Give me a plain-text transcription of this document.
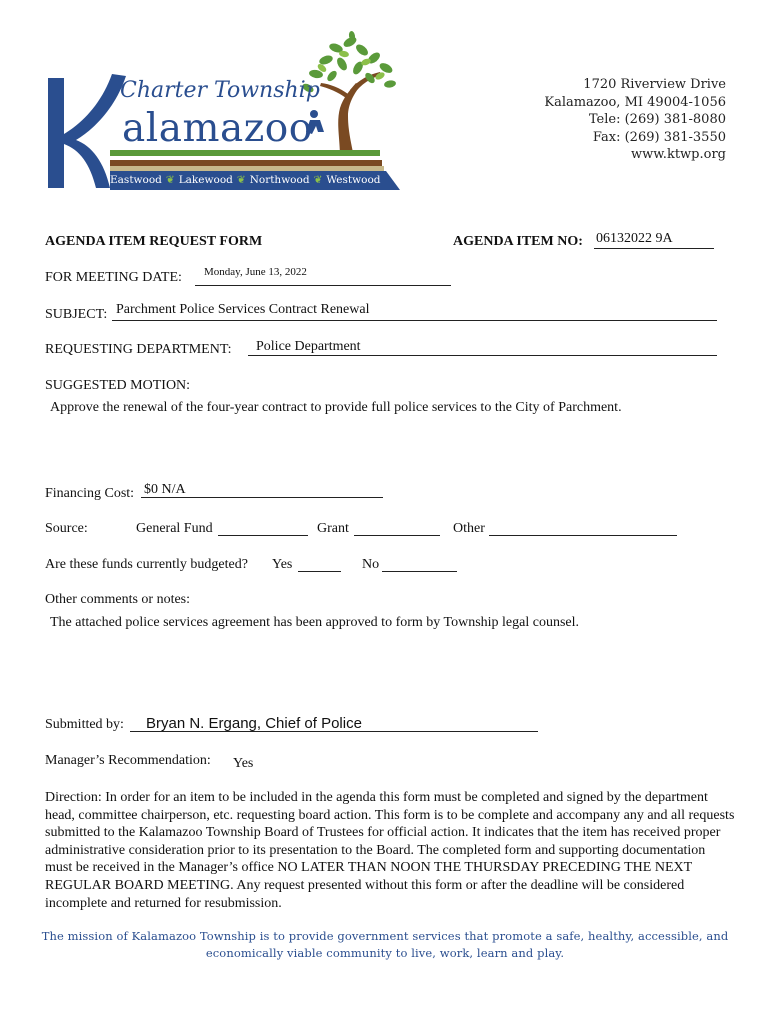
Charter Township
alamazoo
Eastwood ❦ Lakewood ❦ Northwood ❦ Westwood
1720 Riverview Drive
Kalamazoo, MI 49004-1056
Tele: (269) 381-8080
Fax: (269) 381-3550
www.ktwp.org
AGENDA ITEM REQUEST FORM	AGENDA ITEM NO: 06132022 9A
FOR MEETING DATE: Monday, June 13, 2022
SUBJECT: Parchment Police Services Contract Renewal
REQUESTING DEPARTMENT: Police Department
SUGGESTED MOTION:
Approve the renewal of the four-year contract to provide full police services to the City of Parchment.
Financing Cost: $0 N/A
Source:	General Fund	Grant	Other
Are these funds currently budgeted? Yes	No
Other comments or notes:
The attached police services agreement has been approved to form by Township legal counsel.
Submitted by: Bryan N. Ergang, Chief of Police
Manager’s Recommendation: Yes
Direction: In order for an item to be included in the agenda this form must be completed and signed by the department head, committee chairperson, etc. requesting board action. This form is to be complete and accompany any and all requests submitted to the Kalamazoo Township Board of Trustees for official action. It indicates that the item has received proper administrative consideration prior to its presentation to the Board. The completed form and supporting documentation must be received in the Manager’s office NO LATER THAN NOON THE THURSDAY PRECEDING THE NEXT REGULAR BOARD MEETING. Any request presented without this form or after the deadline will be considered incomplete and returned for resubmission.
The mission of Kalamazoo Township is to provide government services that promote a safe, healthy, accessible, and
economically viable community to live, work, learn and play.
